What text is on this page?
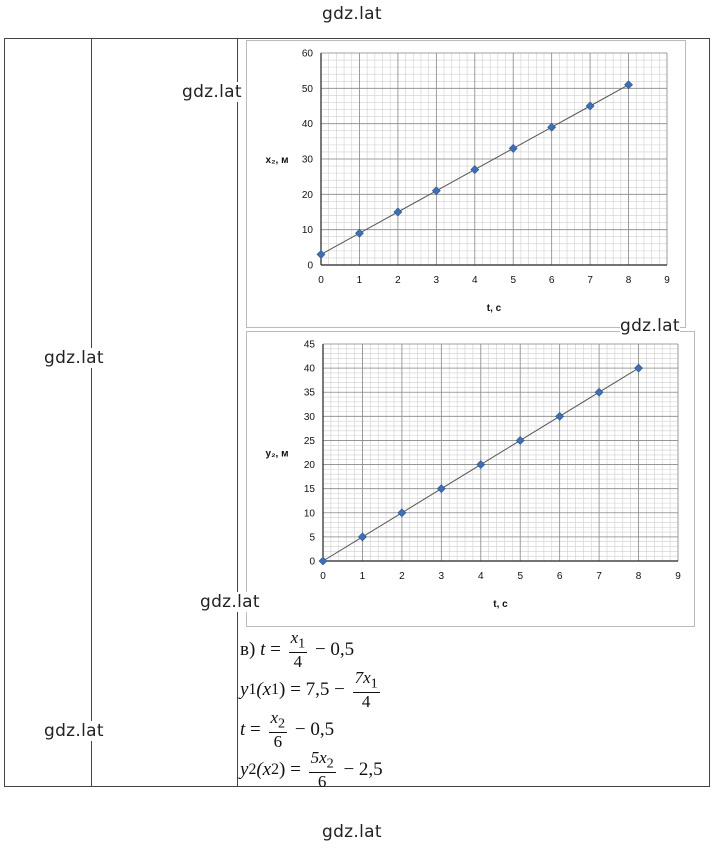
gdz.lat
gdz.lat
0	1	2	3	4	5	6	7	8	9
0
10
20
30
40
50
60
t, c
x₂, м
0	1	2	3	4	5	6	7	8	9
0
5
10
15
20
25
30
35
40
45
t, c
y₂, м
gdz.lat
gdz.lat
gdz.lat
gdz.lat
gdz.lat
в) $t = \frac{x_1}{4} - 0,5$
y 1 (x 1 ) = $7,5 - \frac{7x_1}{4}$
$t = \frac{x_2}{6} - 0,5$
y 2 (x 2 ) = $\frac{5x_2}{6} - 2,5$
